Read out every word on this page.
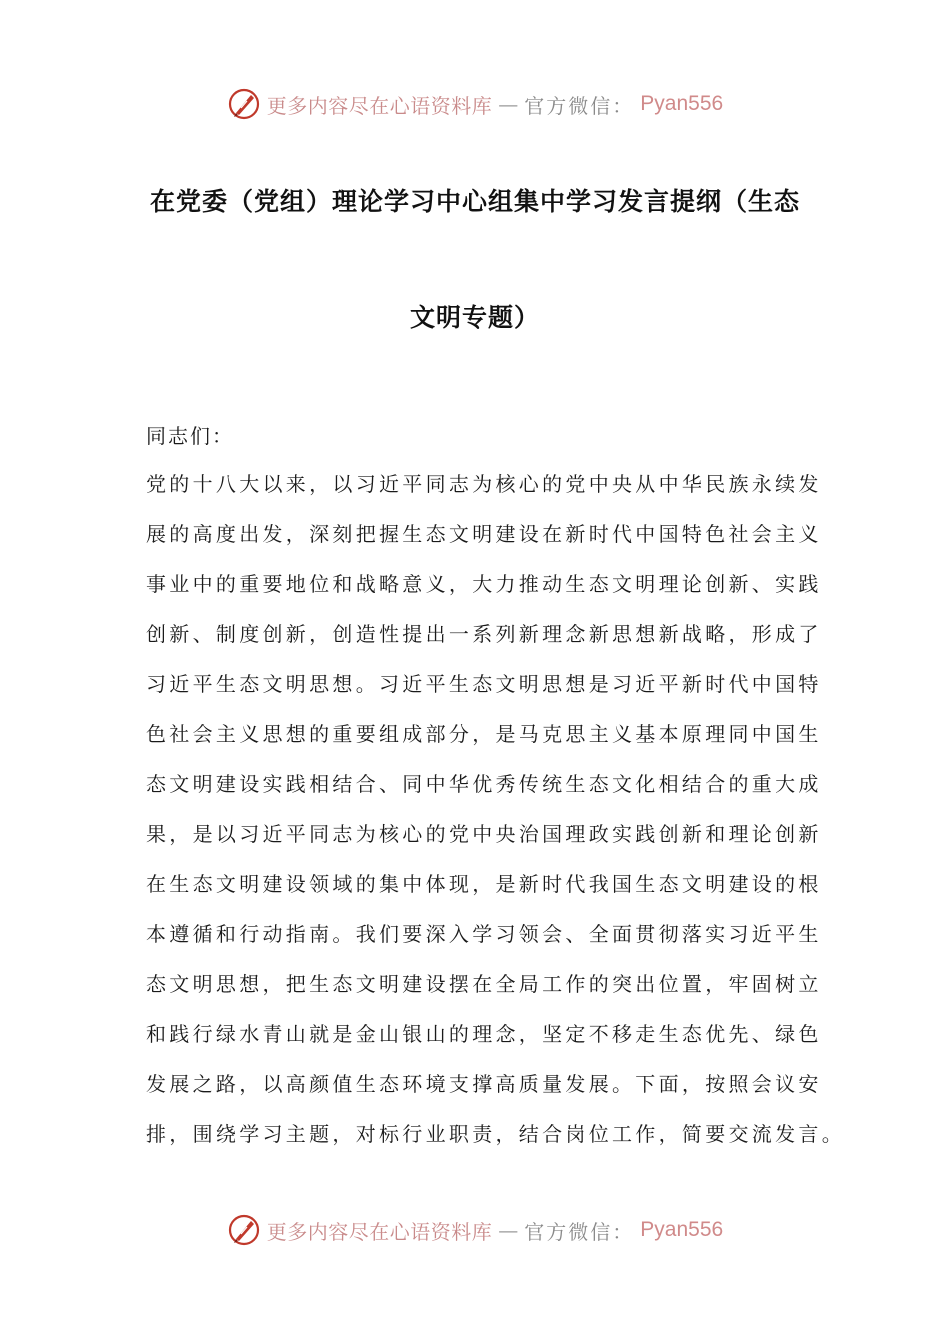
更多内容尽在心语资料库 — 官方微信： Pyan556
在党委（党组）理论学习中心组集中学习发言提纲（生态
文明专题）
同志们：
党的十八大以来，以习近平同志为核心的党中央从中华民族永续发
展的高度出发，深刻把握生态文明建设在新时代中国特色社会主义
事业中的重要地位和战略意义，大力推动生态文明理论创新、实践
创新、制度创新，创造性提出一系列新理念新思想新战略，形成了
习近平生态文明思想。习近平生态文明思想是习近平新时代中国特
色社会主义思想的重要组成部分，是马克思主义基本原理同中国生
态文明建设实践相结合、同中华优秀传统生态文化相结合的重大成
果，是以习近平同志为核心的党中央治国理政实践创新和理论创新
在生态文明建设领域的集中体现，是新时代我国生态文明建设的根
本遵循和行动指南。我们要深入学习领会、全面贯彻落实习近平生
态文明思想，把生态文明建设摆在全局工作的突出位置，牢固树立
和践行绿水青山就是金山银山的理念，坚定不移走生态优先、绿色
发展之路，以高颜值生态环境支撑高质量发展。下面，按照会议安
排，围绕学习主题，对标行业职责，结合岗位工作，简要交流发言。
更多内容尽在心语资料库 — 官方微信： Pyan556
